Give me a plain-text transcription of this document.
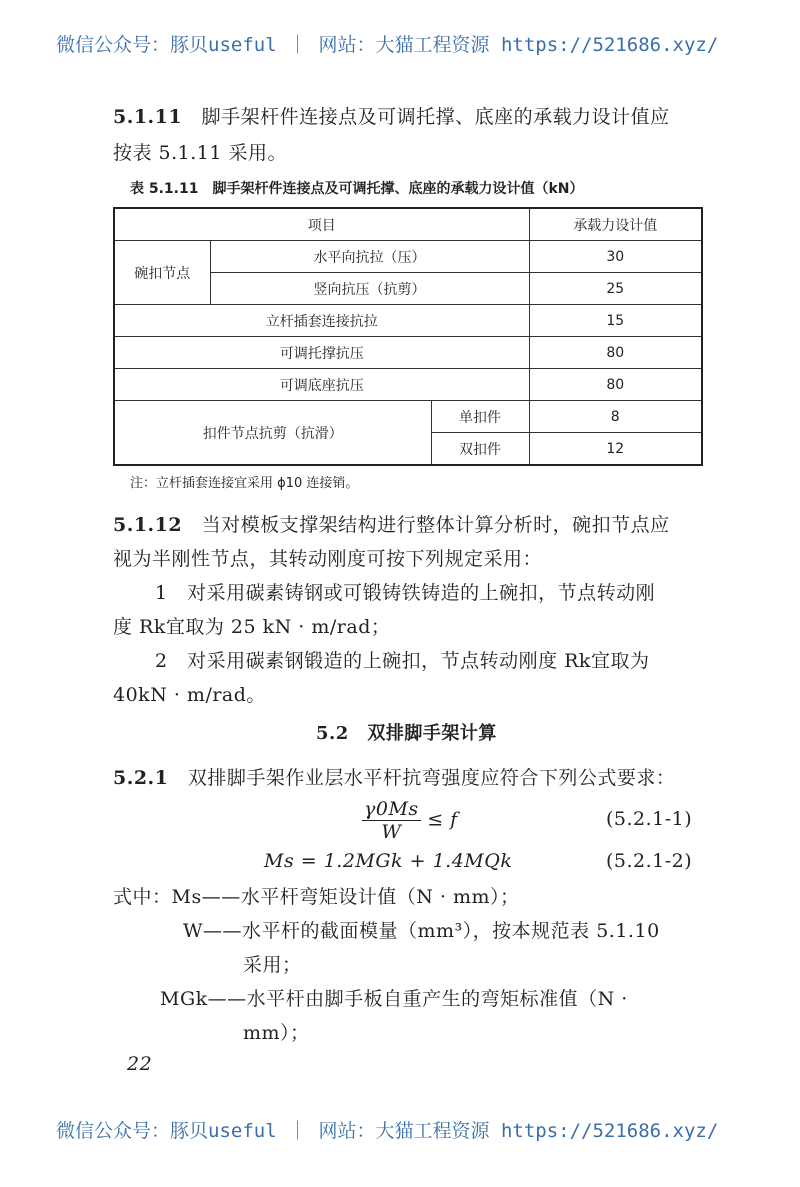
微信公众号：豚贝useful ｜ 网站：大猫工程资源 https://521686.xyz/
5.1.11　 脚手架杆件连接点及可调托撑、底座的承载力设计值应
按表 5.1.11 采用。
表 5.1.11　脚手架杆件连接点及可调托撑、底座的承载力设计值（kN）
项目			承载力设计值
碗扣节点	水平向抗拉（压）		30
	竖向抗压（抗剪）		25
立杆插套连接抗拉			15
可调托撑抗压			80
可调底座抗压			80
扣件节点抗剪（抗滑）		单扣件	8
		双扣件	12
注：立杆插套连接宜采用 ϕ10 连接销。
5.1.12　 当对模板支撑架结构进行整体计算分析时，碗扣节点应
视为半刚性节点，其转动刚度可按下列规定采用：
1　对采用碳素铸钢或可锻铸铁铸造的上碗扣，节点转动刚
度 Rk宜取为 25 kN · m/rad；
2　对采用碳素钢锻造的上碗扣，节点转动刚度 Rk宜取为
40kN · m/rad。
5.2　双排脚手架计算
5.2.1　 双排脚手架作业层水平杆抗弯强度应符合下列公式要求：
$\frac{\gamma 0Ms}{W} \le f$	(5.2.1-1)
Ms = 1.2MGk + 1.4MQk	(5.2.1-2)
式中：Ms——水平杆弯矩设计值（N · mm）；
W——水平杆的截面模量（mm³），按本规范表 5.1.10
采用；
MGk——水平杆由脚手板自重产生的弯矩标准值（N ·
mm）；
22
微信公众号：豚贝useful ｜ 网站：大猫工程资源 https://521686.xyz/
